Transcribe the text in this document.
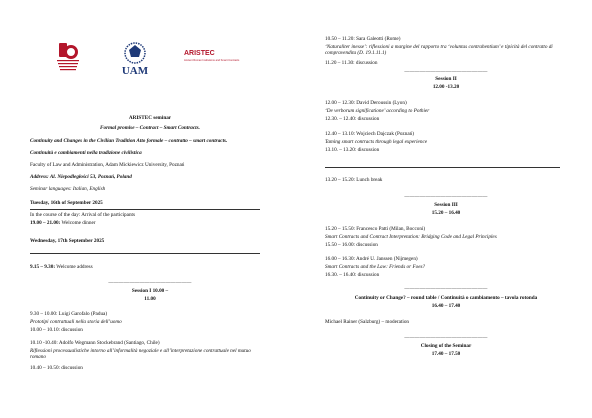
UAM
ARISTEC
Ancient Roman Institutions and Smart Contracts
ARISTEC seminar
Formal promise – Contract – Smart Contracts.
Continuity and Changes in the Civilian Tradition Atto formale – contratto – smart contracts.
Continuità e cambiamenti nella tradizione civilistica
Faculty of Law and Administration, Adam Mickiewicz University, Poznań
Address: Al. Niepodległości 53, Poznań, Poland
Seminar languages: Italian, English
Tuesday, 16th of September 2025
In the course of the day: Arrival of the participants
19.00 – 21.00: Welcome dinner
Wednesday, 17th September 2025
9.15 – 9.30: Welcome address
————————————————
Session I 10.00 –
11.00
9.30 – 10.00: Luigi Garofalo (Padua)
Prototipi contrattuali nella storia dell’uomo
10.00 – 10.10: discussion
10.10 -10.40: Adolfo Wegmann Stockebrand (Santiago, Chile)
Riflessioni processualistiche intorno all’informalità negoziale e all’interpretazione contrattuale nel mutuo romano
10.40 – 10.50: discussion
10.50 – 11.20: Sara Galeotti (Rome)
‘Naturaliter inesse’: riflessioni a margine del rapporto tra ‘voluntas contrahentium’ e tipicità del contratto di compravendita (D. 19.1.11.1)
11.20 – 11.30: discussion
————————————————
Session II
12.00 -13.20
12.00 – 12.30: David Deroussin (Lyon)
‘De verborum significatione’ according to Pothier
12.30. – 12.40: discussion
12.40 – 13.10: Wojciech Dajczak (Poznań)
Taming smart contracts through legal experience
13.10. – 13.20: discussion
13.20 – 15.20: Lunch break
————————————————
Session III
15.20 – 16.40
15.20 – 15.50: Francesco Patti (Milan, Bocconi)
Smart Contracts and Contract Interpretation: Bridging Code and Legal Principles
15.50 – 16.00: discussion
16.00 – 16.30: André U. Janssen (Nijmegen)
Smart Contracts and the Law: Friends or Foes?
16.30. – 16.40: discussion
————————————————
Continuity or Change? – round table / Continuità o cambiamento – tavola rotonda
16.40 – 17.40
Michael Rainer (Salzburg) – moderation
————————————————
Closing of the Seminar
17.40 – 17.50
